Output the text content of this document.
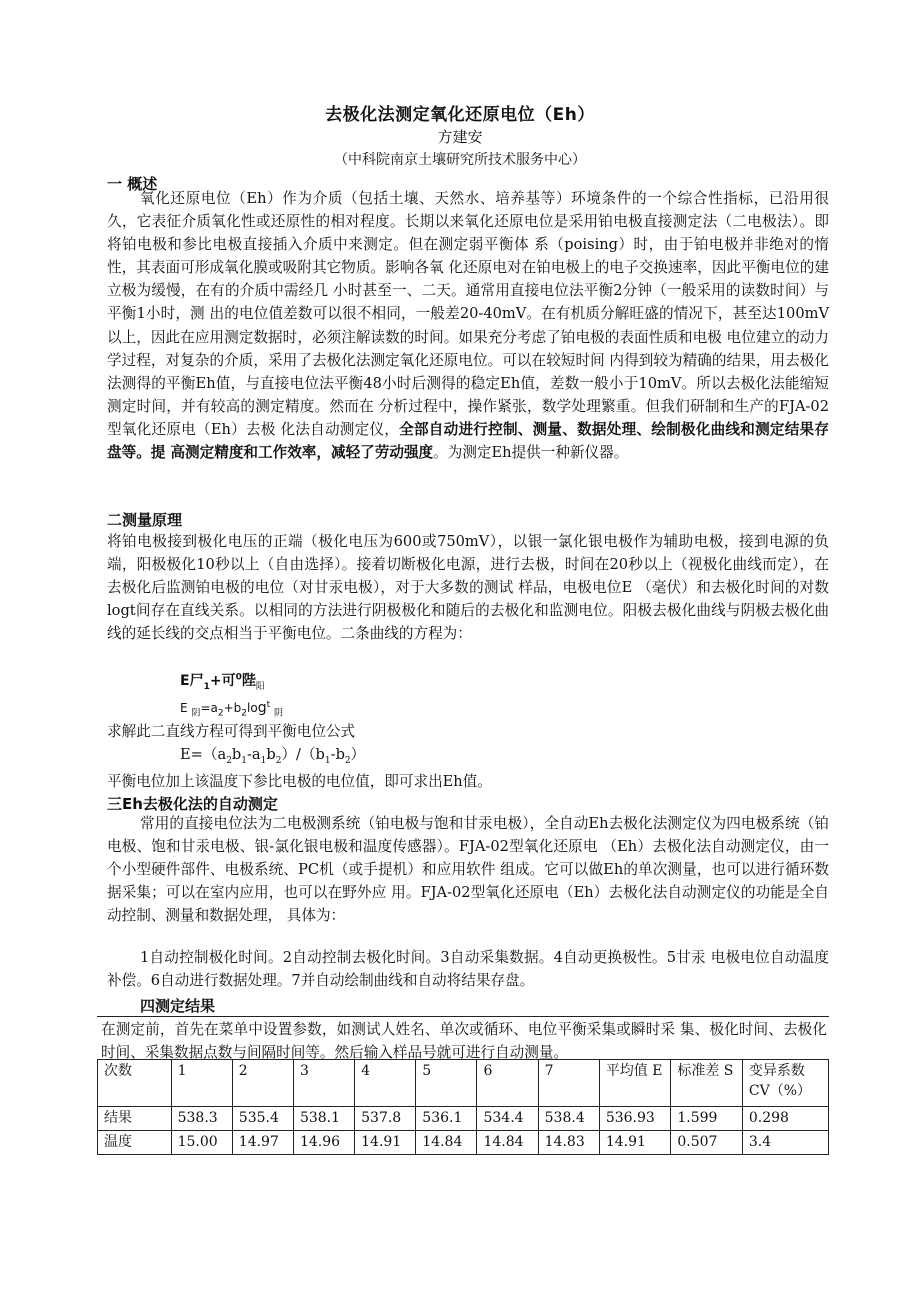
去极化法测定氧化还原电位（Eh）
方建安
（中科院南京土壤研究所技术服务中心）
一 概述

氧化还原电位（Eh）作为介质（包括土壤、天然水、培养基等）环境条件的一个综合性指标，已沿用很久，它表征介质氧化性或还原性的相对程度。长期以来氧化还原电位是采用铂电极直接测定法（二电极法）。即将铂电极和参比电极直接插入介质中来测定。但在测定弱平衡体 系（poising）时，由于铂电极并非绝对的惰性，其表面可形成氧化膜或吸附其它物质。影响各氧 化还原电对在铂电极上的电子交换速率，因此平衡电位的建立极为缓慢，在有的介质中需经几 小时甚至一、二天。通常用直接电位法平衡2分钟（一般采用的读数时间）与平衡1小时，测 出的电位值差数可以很不相同，一般差20-40mV。在有机质分解旺盛的情况下，甚至达100mV以上，因此在应用测定数据时，必须注解读数的时间。如果充分考虑了铂电极的表面性质和电极 电位建立的动力学过程，对复杂的介质，采用了去极化法测定氧化还原电位。可以在较短时间 内得到较为精确的结果，用去极化法测得的平衡Eh值，与直接电位法平衡48小时后测得的稳定Eh值，差数一般小于10mV。所以去极化法能缩短测定时间，并有较高的测定精度。然而在 分析过程中，操作紧张，数学处理繁重。但我们研制和生产的FJA-02型氧化还原电（Eh）去极 化法自动测定仪，全部自动进行控制、测量、数据处理、绘制极化曲线和测定结果存盘等。提 高测定精度和工作效率，减轻了劳动强度。为测定Eh提供一种新仪器。

二测量原理

将铂电极接到极化电压的正端（极化电压为600或750mV），以银一氯化银电极作为辅助电极，接到电源的负端，阳极极化10秒以上（自由选择）。接着切断极化电源，进行去极，时间在20秒以上（视极化曲线而定），在去极化后监测铂电极的电位（对甘汞电极），对于大多数的测试 样品，电极电位E （毫伏）和去极化时间的对数logt间存在直线关系。以相同的方法进行阴极极化和随后的去极化和监测电位。阳极去极化曲线与阴极去极化曲线的延长线的交点相当于平衡电位。二条曲线的方程为：

E尸$_1$+可$^0$陛$_阳$
E $_阴=a_2+b_2\log^t$ $_阴$

求解此二直线方程可得到平衡电位公式

$E=(a_2b_1-a_1b_2)/(b_1-b_2)$

平衡电位加上该温度下参比电极的电位值，即可求出Eh值。

三Eh去极化法的自动测定

常用的直接电位法为二电极测系统（铂电极与饱和甘汞电极），全自动Eh去极化法测定仪为四电极系统（铂电极、饱和甘汞电极、银-氯化银电极和温度传感器）。FJA-02型氧化还原电 （Eh）去极化法自动测定仪，由一个小型硬件部件、电极系统、PC机（或手提机）和应用软件 组成。它可以做Eh的单次测量，也可以进行循环数据采集；可以在室内应用，也可以在野外应 用。FJA-02型氧化还原电（Eh）去极化法自动测定仪的功能是全自动控制、测量和数据处理， 具体为：

1自动控制极化时间。2自动控制去极化时间。3自动采集数据。4自动更换极性。5甘汞 电极电位自动温度补偿。6自动进行数据处理。7并自动绘制曲线和自动将结果存盘。

四测定结果

在测定前，首先在菜单中设置参数，如测试人姓名、单次或循环、电位平衡采集或瞬时采 集、极化时间、去极化时间、采集数据点数与间隔时间等。然后输入样品号就可进行自动测量。

次数	1	2	3	4	5	6	7	平均值 E	标准差 S	变异系数 CV（%）
结果	538.3	535.4	538.1	537.8	536.1	534.4	538.4	536.93	1.599	0.298
温度	15.00	14.97	14.96	14.91	14.84	14.84	14.83	14.91	0.507	3.4
